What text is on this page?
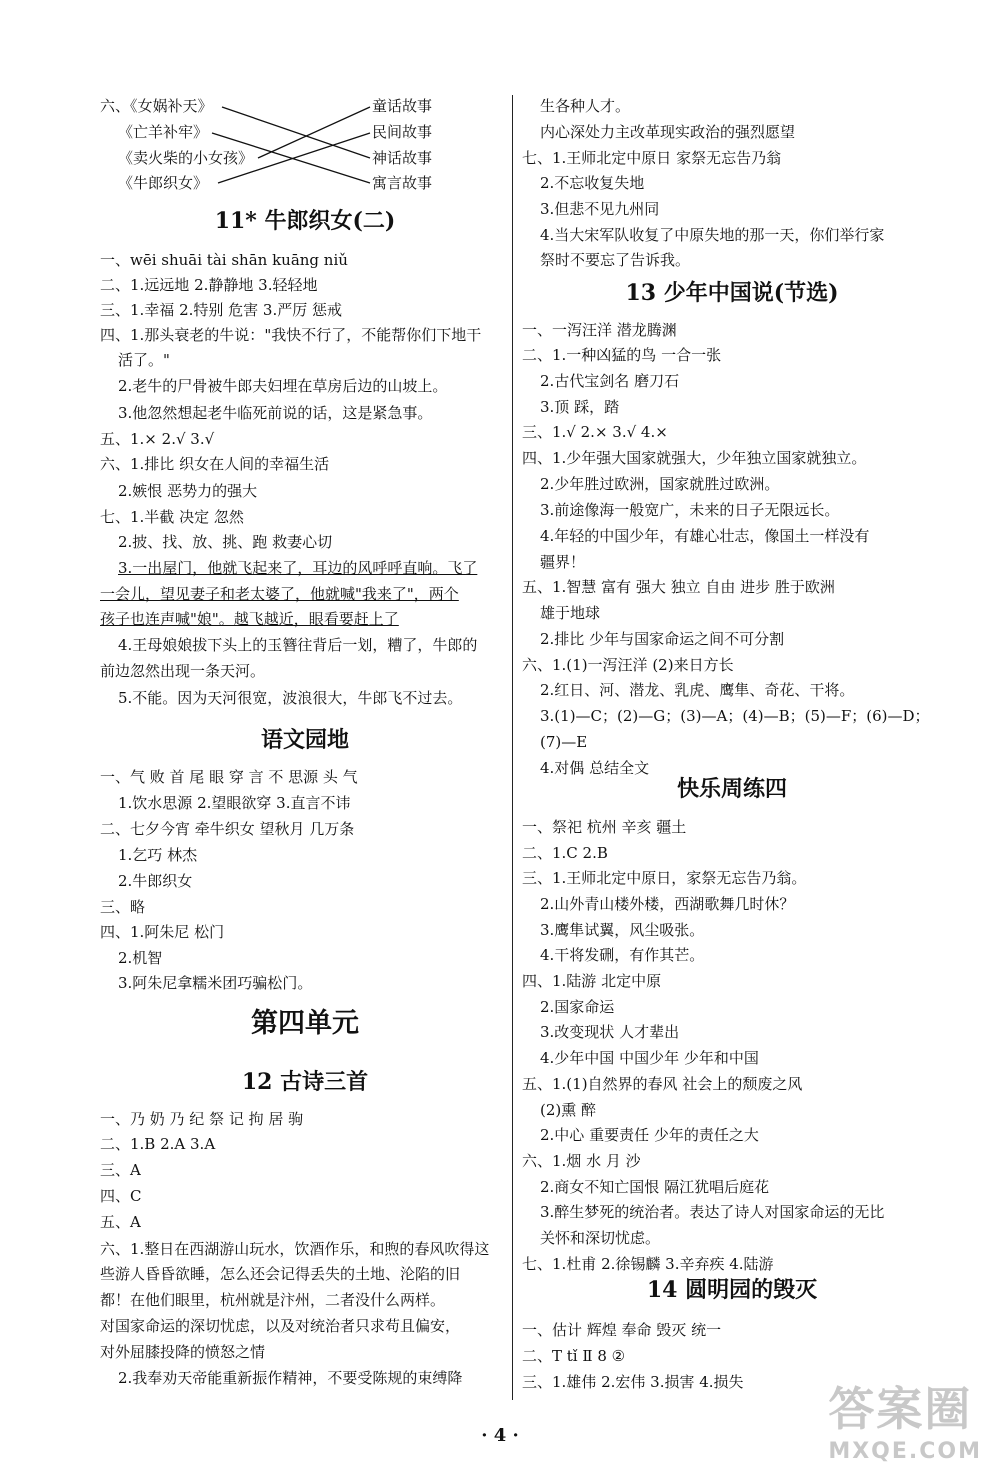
六、《女娲补天》
《亡羊补牢》
《卖火柴的小女孩》
《牛郎织女》
童话故事
民间故事
神话故事
寓言故事
11* 牛郎织女(二)
一、wēi shuāi tài shān kuāng niǔ
二、1.远远地 2.静静地 3.轻轻地
三、1.幸福 2.特别 危害 3.严厉 惩戒
四、1.那头衰老的牛说："我快不行了，不能帮你们下地干
活了。"
2.老牛的尸骨被牛郎夫妇埋在草房后边的山坡上。
3.他忽然想起老牛临死前说的话，这是紧急事。
五、1.× 2.√ 3.√
六、1.排比 织女在人间的幸福生活
2.嫉恨 恶势力的强大
七、1.半截 决定 忽然
2.披、找、放、挑、跑 救妻心切
3.一出屋门，他就飞起来了，耳边的风呼呼直响。飞了
一会儿，望见妻子和老太婆了，他就喊"我来了"，两个
孩子也连声喊"娘"。越飞越近，眼看要赶上了
4.王母娘娘拔下头上的玉簪往背后一划，糟了，牛郎的
前边忽然出现一条天河。
5.不能。因为天河很宽，波浪很大，牛郎飞不过去。
语文园地
一、气 败 首 尾 眼 穿 言 不 思源 头 气
1.饮水思源 2.望眼欲穿 3.直言不讳
二、七夕今宵 牵牛织女 望秋月 几万条
1.乞巧 林杰
2.牛郎织女
三、略
四、1.阿朱尼 松门
2.机智
3.阿朱尼拿糯米团巧骗松门。
第四单元
12 古诗三首
一、乃 奶 乃 纪 祭 记 拘 居 驹
二、1.B 2.A 3.A
三、A
四、C
五、A
六、1.整日在西湖游山玩水，饮酒作乐，和煦的春风吹得这
些游人昏昏欲睡，怎么还会记得丢失的土地、沦陷的旧
都！在他们眼里，杭州就是汴州，二者没什么两样。
对国家命运的深切忧虑，以及对统治者只求苟且偏安，
对外屈膝投降的愤怒之情
2.我奉劝天帝能重新振作精神，不要受陈规的束缚降
生各种人才。
内心深处力主改革现实政治的强烈愿望
七、1.王师北定中原日 家祭无忘告乃翁
2.不忘收复失地
3.但悲不见九州同
4.当大宋军队收复了中原失地的那一天，你们举行家
祭时不要忘了告诉我。
13 少年中国说(节选)
一、一泻汪洋 潜龙腾渊
二、1.一种凶猛的鸟 一合一张
2.古代宝剑名 磨刀石
3.顶 踩，踏
三、1.√ 2.× 3.√ 4.×
四、1.少年强大国家就强大，少年独立国家就独立。
2.少年胜过欧洲，国家就胜过欧洲。
3.前途像海一般宽广，未来的日子无限远长。
4.年轻的中国少年，有雄心壮志，像国土一样没有
疆界！
五、1.智慧 富有 强大 独立 自由 进步 胜于欧洲
雄于地球
2.排比 少年与国家命运之间不可分割
六、1.(1)一泻汪洋 (2)来日方长
2.红日、河、潜龙、乳虎、鹰隼、奇花、干将。
3.(1)—C；(2)—G；(3)—A；(4)—B；(5)—F；(6)—D；
(7)—E
4.对偶 总结全文
快乐周练四
一、祭祀 杭州 辛亥 疆土
二、1.C 2.B
三、1.王师北定中原日，家祭无忘告乃翁。
2.山外青山楼外楼，西湖歌舞几时休？
3.鹰隼试翼，风尘吸张。
4.干将发硎，有作其芒。
四、1.陆游 北定中原
2.国家命运
3.改变现状 人才辈出
4.少年中国 中国少年 少年和中国
五、1.(1)自然界的春风 社会上的颓废之风
(2)熏 醉
2.中心 重要责任 少年的责任之大
六、1.烟 水 月 沙
2.商女不知亡国恨 隔江犹唱后庭花
3.醉生梦死的统治者。表达了诗人对国家命运的无比
关怀和深切忧虑。
七、1.杜甫 2.徐锡麟 3.辛弃疾 4.陆游
14 圆明园的毁灭
一、估计 辉煌 奉命 毁灭 统一
二、T tǐ Ⅱ 8 ②
三、1.雄伟 2.宏伟 3.损害 4.损失
· 4 ·	答案圈
MXQE.COM
